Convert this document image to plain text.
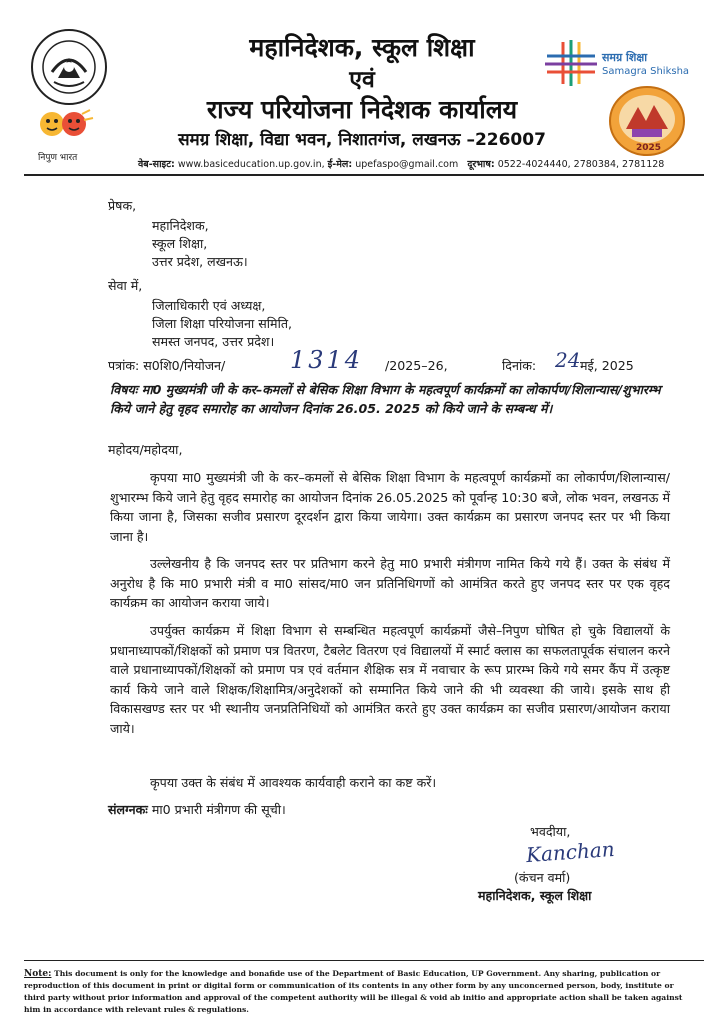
निपुण भारत
महानिदेशक, स्कूल शिक्षा
एवं
राज्य परियोजना निदेशक कार्यालय
समग्र शिक्षा, विद्या भवन, निशातगंज, लखनऊ –226007
समग्र शिक्षा
Samagra Shiksha
2025
वेब-साइट: www.basiceducation.up.gov.in, ई-मेल: upefaspo@gmail.com दूरभाष: 0522-4024440, 2780384, 2781128
प्रेषक,
महानिदेशक,
स्कूल शिक्षा,
उत्तर प्रदेश, लखनऊ।
सेवा में,
जिलाधिकारी एवं अध्यक्ष,
जिला शिक्षा परियोजना समिति,
समस्त जनपद, उत्तर प्रदेश।
पत्रांक: स0शि0/नियोजन/	1314 /2025–26,	दिनांक: 24 मई, 2025
विषयः मा0 मुख्यमंत्री जी के कर–कमलों से बेसिक शिक्षा विभाग के महत्वपूर्ण कार्यक्रमों का लोकार्पण/शिलान्यास/शुभारम्भ किये जाने हेतु वृहद समारोह का आयोजन दिनांक 26.05. 2025 को किये जाने के सम्बन्ध में।
महोदय/महोदया,
कृपया मा0 मुख्यमंत्री जी के कर–कमलों से बेसिक शिक्षा विभाग के महत्वपूर्ण कार्यक्रमों का लोकार्पण/शिलान्यास/शुभारम्भ किये जाने हेतु वृहद समारोह का आयोजन दिनांक 26.05.2025 को पूर्वान्ह 10:30 बजे, लोक भवन, लखनऊ में किया जाना है, जिसका सजीव प्रसारण दूरदर्शन द्वारा किया जायेगा। उक्त कार्यक्रम का प्रसारण जनपद स्तर पर भी किया जाना है।
उल्लेखनीय है कि जनपद स्तर पर प्रतिभाग करने हेतु मा0 प्रभारी मंत्रीगण नामित किये गये हैं। उक्त के संबंध में अनुरोध है कि मा0 प्रभारी मंत्री व मा0 सांसद/मा0 जन प्रतिनिधिगणों को आमंत्रित करते हुए जनपद स्तर पर एक वृहद कार्यक्रम का आयोजन कराया जाये।
उपर्युक्त कार्यक्रम में शिक्षा विभाग से सम्बन्धित महत्वपूर्ण कार्यक्रमों जैसे–निपुण घोषित हो चुके विद्यालयों के प्रधानाध्यापकों/शिक्षकों को प्रमाण पत्र वितरण, टैबलेट वितरण एवं विद्यालयों में स्मार्ट क्लास का सफलतापूर्वक संचालन करने वाले प्रधानाध्यापकों/शिक्षकों को प्रमाण पत्र एवं वर्तमान शैक्षिक सत्र में नवाचार के रूप प्रारम्भ किये गये समर कैंप में उत्कृष्ट कार्य किये जाने वाले शिक्षक/शिक्षामित्र/अनुदेशकों को सम्मानित किये जाने की भी व्यवस्था की जाये। इसके साथ ही विकासखण्ड स्तर पर भी स्थानीय जनप्रतिनिधियों को आमंत्रित करते हुए उक्त कार्यक्रम का सजीव प्रसारण/आयोजन कराया जाये।
कृपया उक्त के संबंध में आवश्यक कार्यवाही कराने का कष्ट करें।
संलग्नकः मा0 प्रभारी मंत्रीगण की सूची।
भवदीया,
Kanchan
(कंचन वर्मा)
महानिदेशक, स्कूल शिक्षा
Note: This document is only for the knowledge and bonafide use of the Department of Basic Education, UP Government. Any sharing, publication or reproduction of this document in print or digital form or communication of its contents in any other form by any unconcerned person, body, institute or third party without prior information and approval of the competent authority will be illegal & void ab initio and appropriate action shall be taken against him in accordance with relevant rules & regulations.
